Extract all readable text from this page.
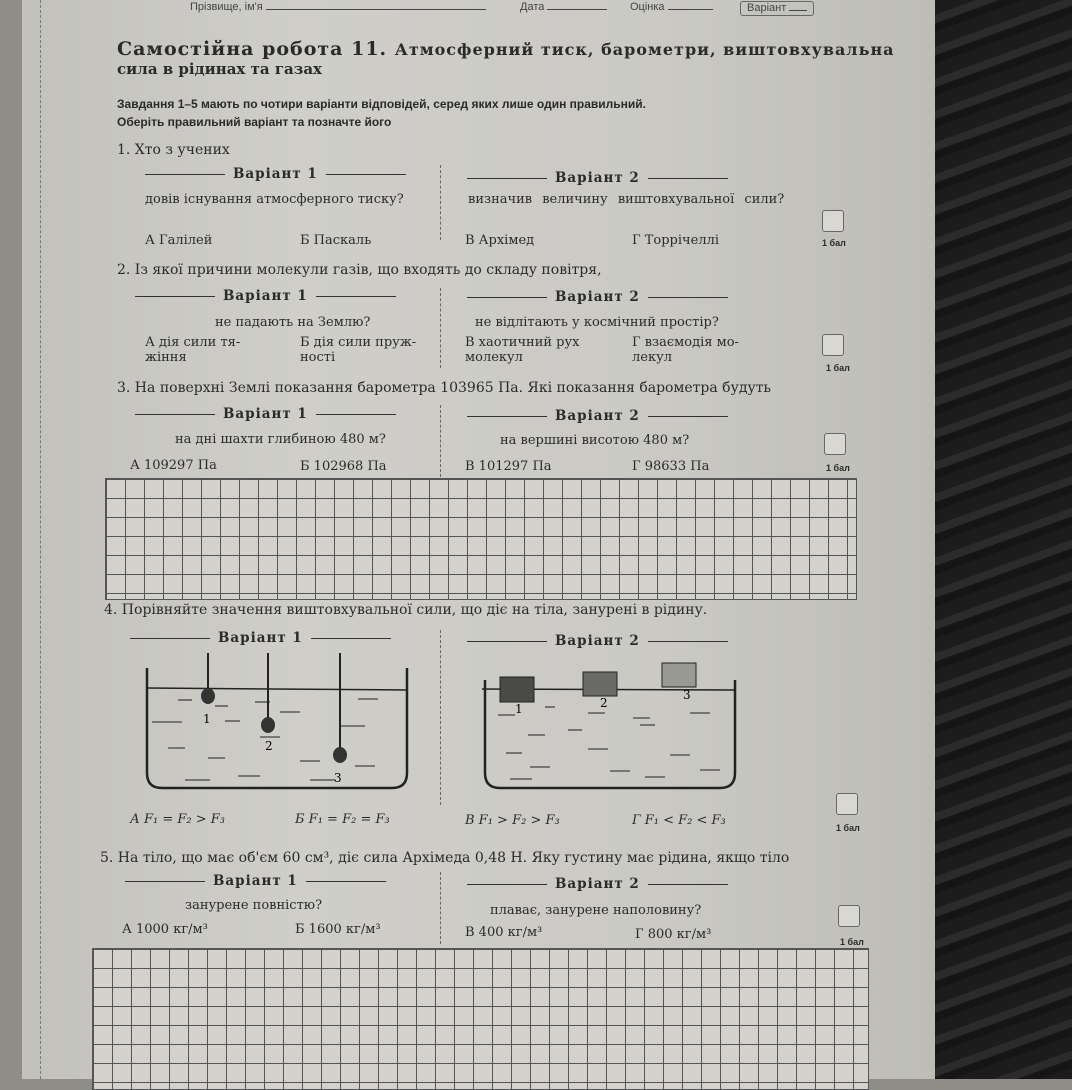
Прізвище, ім'я	Дата	Оцінка	Варіант
Самостійна робота 11. Атмосферний тиск, барометри, виштовхувальна
сила в рідинах та газах
Завдання 1–5 мають по чотири варіанти відповідей, серед яких лише один правильний.
Оберіть правильний варіант та позначте його
1. Хто з учених
Варіант 1	Варіант 2
довів існування атмосферного тиску?	визначив величину виштовхувальної сили?
А Галілей	Б Паскаль	В Архімед	Г Торрічеллі	1 бал
2. Із якої причини молекули газів, що входять до складу повітря,
Варіант 1	Варіант 2
не падають на Землю?	не відлітають у космічний простір?
А дія сили тя-жіння
Б дія сили пруж-ності
В хаотичний рух молекул
Г взаємодія мо-лекул
1 бал
3. На поверхні Землі показання барометра 103965 Па. Які показання барометра будуть
Варіант 1	Варіант 2
на дні шахти глибиною 480 м?	на вершині висотою 480 м?
А 109297 Па	Б 102968 Па	В 101297 Па	Г 98633 Па	1 бал
4. Порівняйте значення виштовхувальної сили, що діє на тіла, занурені в рідину.
Варіант 1	Варіант 2
1
2
3
1	2
3
А F₁ = F₂ > F₃	Б F₁ = F₂ = F₃	В F₁ > F₂ > F₃	Г F₁ < F₂ < F₃	1 бал
5. На тіло, що має об'єм 60 см³, діє сила Архімеда 0,48 Н. Яку густину має рідина, якщо тіло
Варіант 1	Варіант 2
занурене повністю?	плаває, занурене наполовину?
А 1000 кг/м³	Б 1600 кг/м³	В 400 кг/м³	Г 800 кг/м³	1 бал
